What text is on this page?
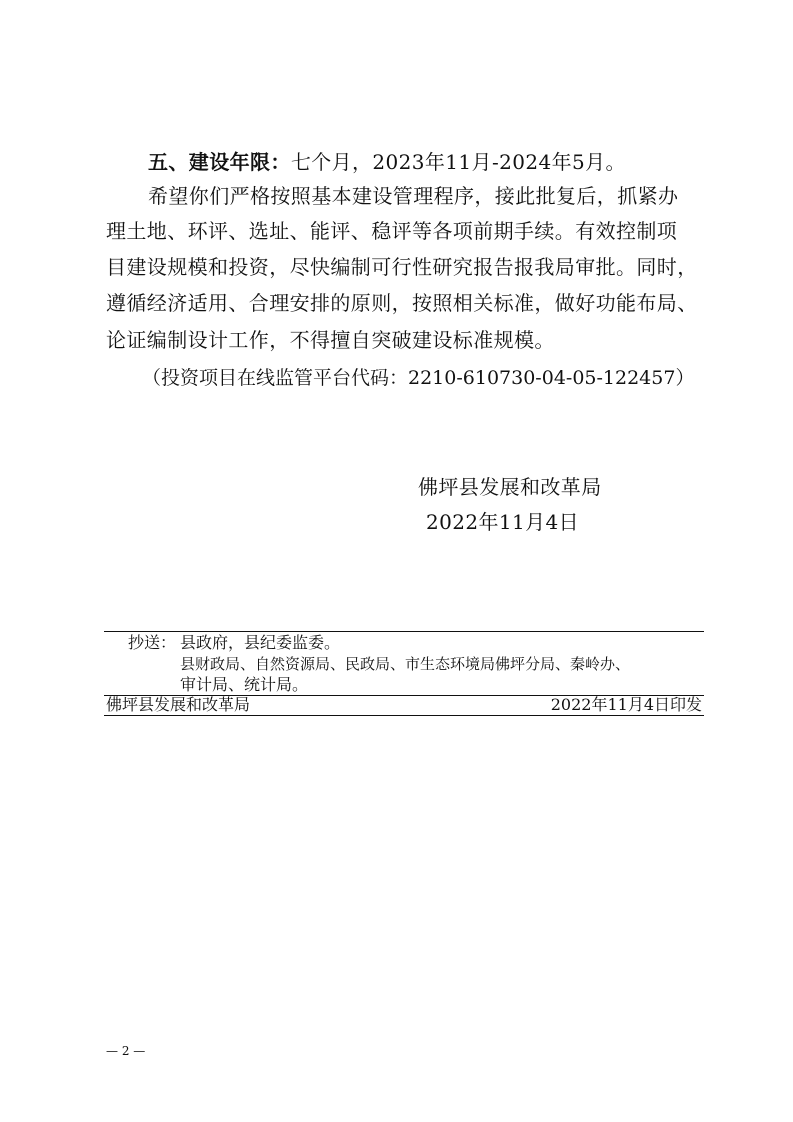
五、建设年限：七个月，2023年11月-2024年5月。
希望你们严格按照基本建设管理程序，接此批复后，抓紧办
理土地、环评、选址、能评、稳评等各项前期手续。有效控制项
目建设规模和投资，尽快编制可行性研究报告报我局审批。同时，
遵循经济适用、合理安排的原则，按照相关标准，做好功能布局、
论证编制设计工作，不得擅自突破建设标准规模。
（投资项目在线监管平台代码：2210-610730-04-05-122457）
佛坪县发展和改革局
2022年11月4日
抄送： 县政府，县纪委监委。
县财政局、自然资源局、民政局、市生态环境局佛坪分局、秦岭办、
审计局、统计局。
佛坪县发展和改革局	2022年11月4日印发
— 2 —
